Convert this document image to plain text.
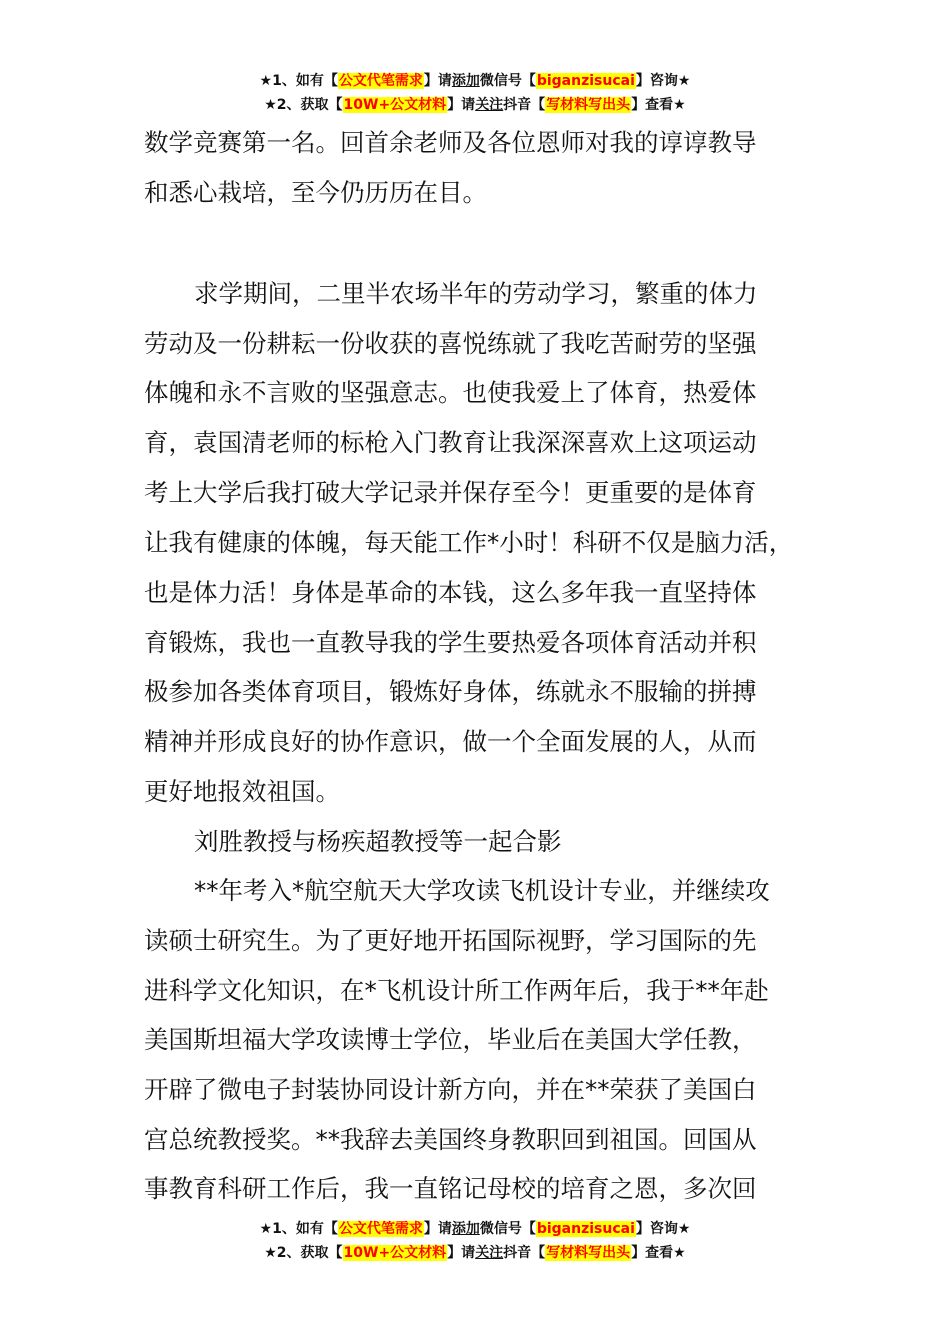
★1、如有【公文代笔需求】请添加微信号【biganzisucai】咨询★
★2、获取【10W+公文材料】请关注抖音【写材料写出头】查看★
数学竞赛第一名。回首余老师及各位恩师对我的谆谆教导
和悉心栽培，至今仍历历在目。
求学期间，二里半农场半年的劳动学习，繁重的体力
劳动及一份耕耘一份收获的喜悦练就了我吃苦耐劳的坚强
体魄和永不言败的坚强意志。也使我爱上了体育，热爱体
育，袁国清老师的标枪入门教育让我深深喜欢上这项运动
考上大学后我打破大学记录并保存至今！更重要的是体育
让我有健康的体魄，每天能工作*小时！科研不仅是脑力活，
也是体力活！身体是革命的本钱，这么多年我一直坚持体
育锻炼，我也一直教导我的学生要热爱各项体育活动并积
极参加各类体育项目，锻炼好身体，练就永不服输的拼搏
精神并形成良好的协作意识，做一个全面发展的人，从而
更好地报效祖国。
刘胜教授与杨疾超教授等一起合影
**年考入*航空航天大学攻读飞机设计专业，并继续攻
读硕士研究生。为了更好地开拓国际视野，学习国际的先
进科学文化知识，在*飞机设计所工作两年后，我于**年赴
美国斯坦福大学攻读博士学位，毕业后在美国大学任教，
开辟了微电子封装协同设计新方向，并在**荣获了美国白
宫总统教授奖。**我辞去美国终身教职回到祖国。回国从
事教育科研工作后，我一直铭记母校的培育之恩，多次回
★1、如有【公文代笔需求】请添加微信号【biganzisucai】咨询★
★2、获取【10W+公文材料】请关注抖音【写材料写出头】查看★
